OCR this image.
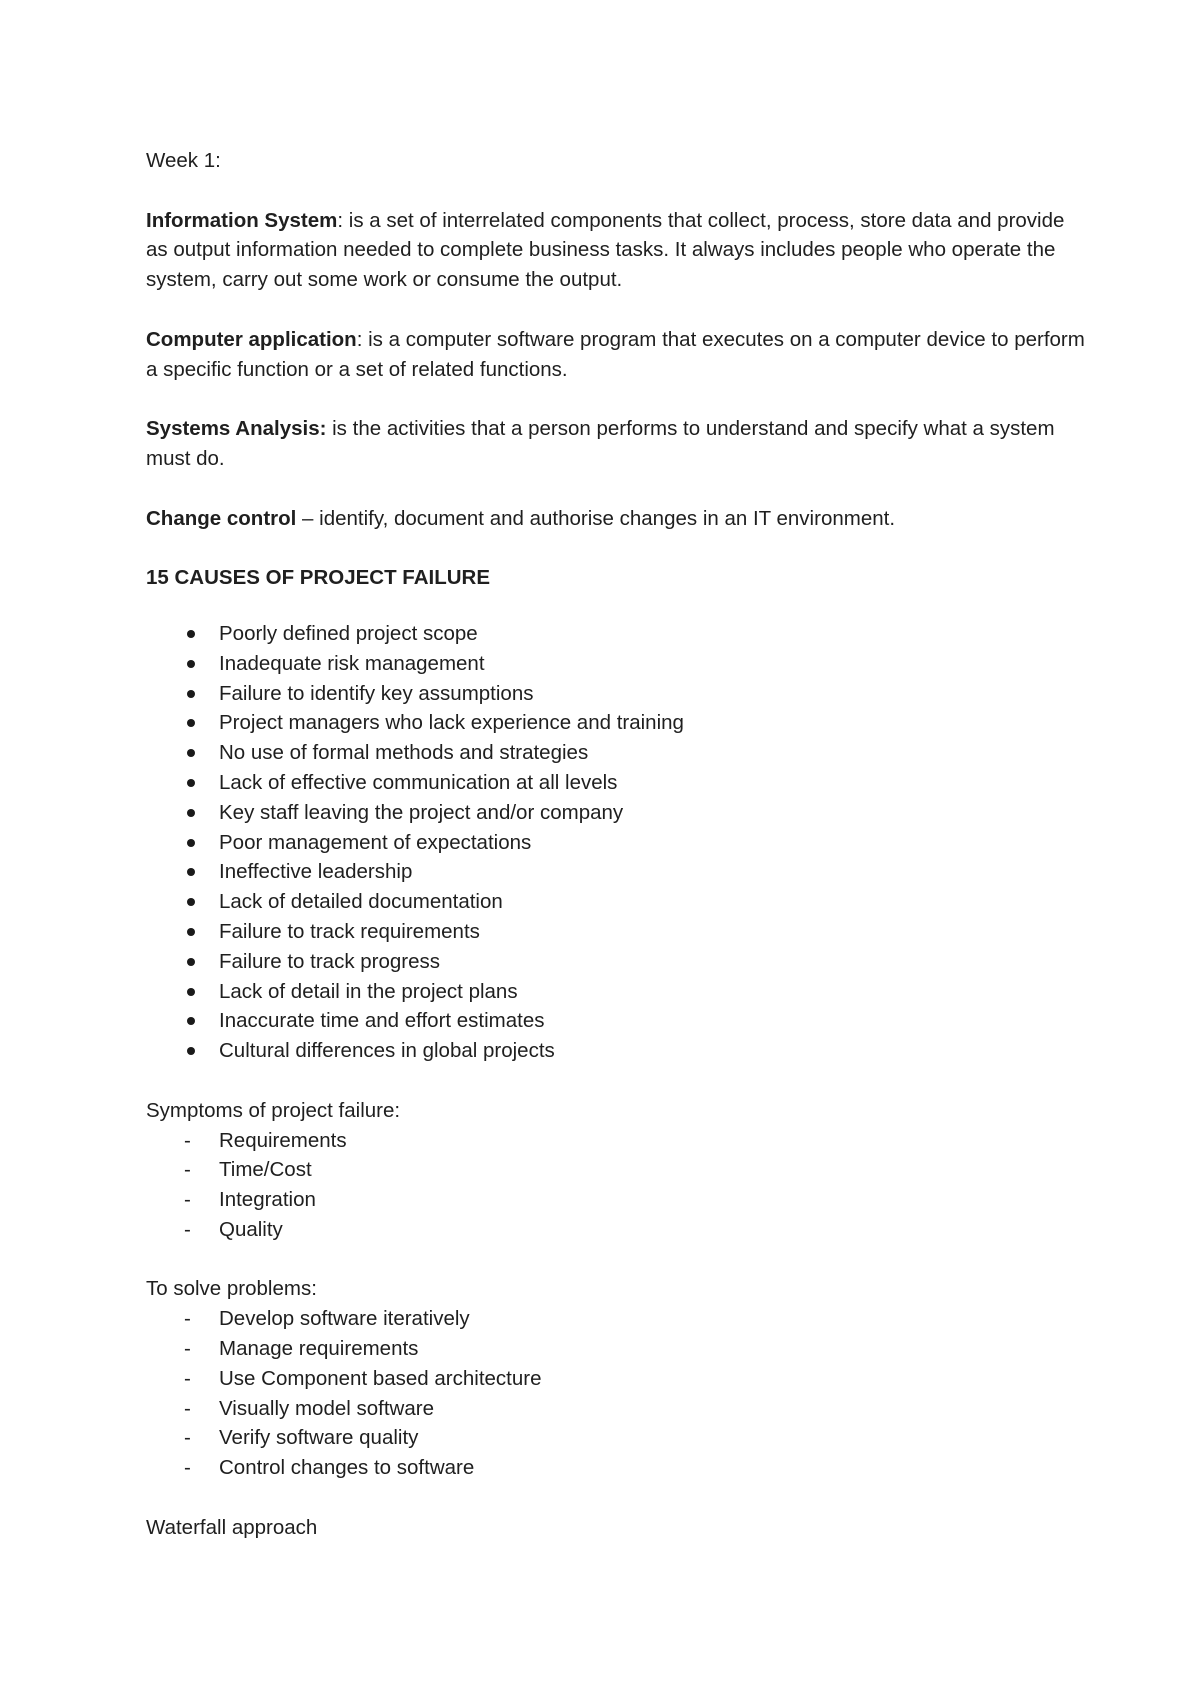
Week 1:

Information System: is a set of interrelated components that collect, process, store data and provide as output information needed to complete business tasks. It always includes people who operate the system, carry out some work or consume the output.

Computer application: is a computer software program that executes on a computer device to perform a specific function or a set of related functions.

Systems Analysis: is the activities that a person performs to understand and specify what a system must do.

Change control – identify, document and authorise changes in an IT environment.

15 CAUSES OF PROJECT FAILURE

Poorly defined project scope
Inadequate risk management
Failure to identify key assumptions
Project managers who lack experience and training
No use of formal methods and strategies
Lack of effective communication at all levels
Key staff leaving the project and/or company
Poor management of expectations
Ineffective leadership
Lack of detailed documentation
Failure to track requirements
Failure to track progress
Lack of detail in the project plans
Inaccurate time and effort estimates
Cultural differences in global projects

Symptoms of project failure:

- Requirements
- Time/Cost
- Integration
- Quality

To solve problems:

- Develop software iteratively
- Manage requirements
- Use Component based architecture
- Visually model software
- Verify software quality
- Control changes to software

Waterfall approach
